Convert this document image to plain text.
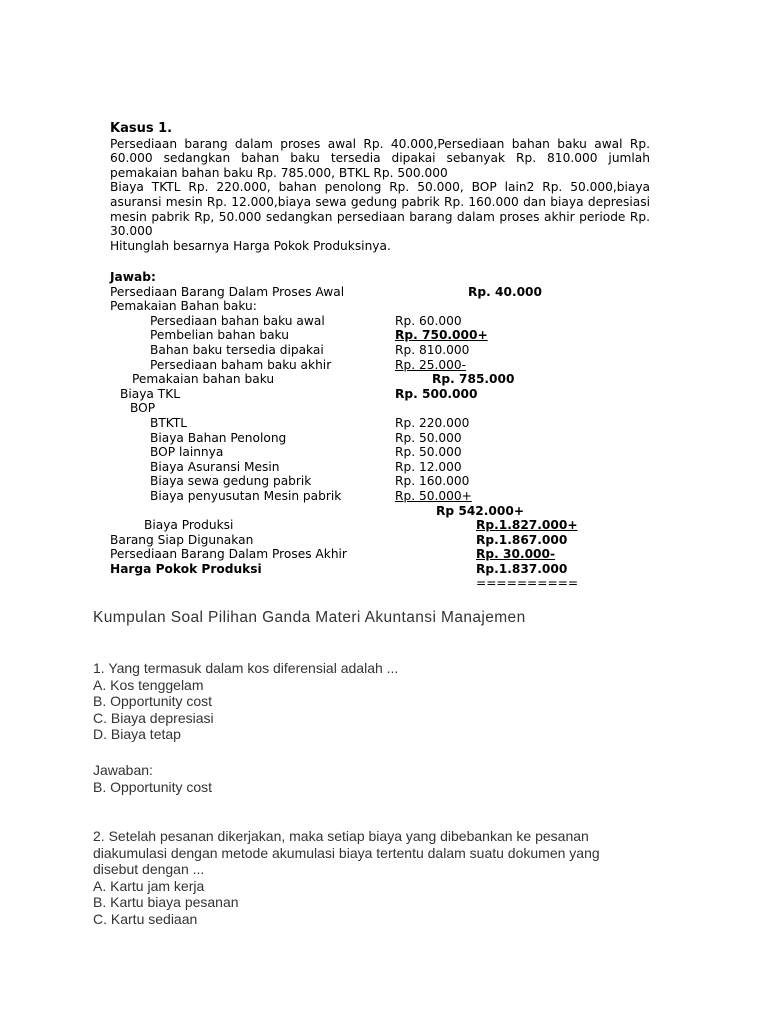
Kasus 1.
Persediaan barang dalam proses awal Rp. 40.000,Persediaan bahan baku awal Rp. 60.000 sedangkan bahan baku tersedia dipakai sebanyak Rp. 810.000 jumlah pemakaian bahan baku Rp. 785.000, BTKL Rp. 500.000
Biaya TKTL Rp. 220.000, bahan penolong Rp. 50.000, BOP lain2 Rp. 50.000,biaya asuransi mesin Rp. 12.000,biaya sewa gedung pabrik Rp. 160.000 dan biaya depresiasi mesin pabrik Rp, 50.000 sedangkan persediaan barang dalam proses akhir periode Rp. 30.000
Hitunglah besarnya Harga Pokok Produksinya.
Jawab:
Persediaan Barang Dalam Proses Awal	Rp. 40.000
Pemakaian Bahan baku:
Persediaan bahan baku awal	Rp. 60.000
Pembelian bahan baku	Rp. 750.000+
Bahan baku tersedia dipakai	Rp. 810.000
Persediaan baham baku akhir	Rp. 25.000-
Pemakaian bahan baku	Rp. 785.000
Biaya TKL	Rp. 500.000
BOP
BTKTL	Rp. 220.000
Biaya Bahan Penolong	Rp. 50.000
BOP lainnya	Rp. 50.000
Biaya Asuransi Mesin	Rp. 12.000
Biaya sewa gedung pabrik	Rp. 160.000
Biaya penyusutan Mesin pabrik	Rp. 50.000+
Rp 542.000+
Biaya Produksi	Rp.1.827.000+
Barang Siap Digunakan	Rp.1.867.000
Persediaan Barang Dalam Proses Akhir	Rp. 30.000-
Harga Pokok Produksi	Rp.1.837.000
==========
Kumpulan Soal Pilihan Ganda Materi Akuntansi Manajemen
1. Yang termasuk dalam kos diferensial adalah ...
A. Kos tenggelam
B. Opportunity cost
C. Biaya depresiasi
D. Biaya tetap
Jawaban:
B. Opportunity cost
2. Setelah pesanan dikerjakan, maka setiap biaya yang dibebankan ke pesanan
diakumulasi dengan metode akumulasi biaya tertentu dalam suatu dokumen yang
disebut dengan ...
A. Kartu jam kerja
B. Kartu biaya pesanan
C. Kartu sediaan
